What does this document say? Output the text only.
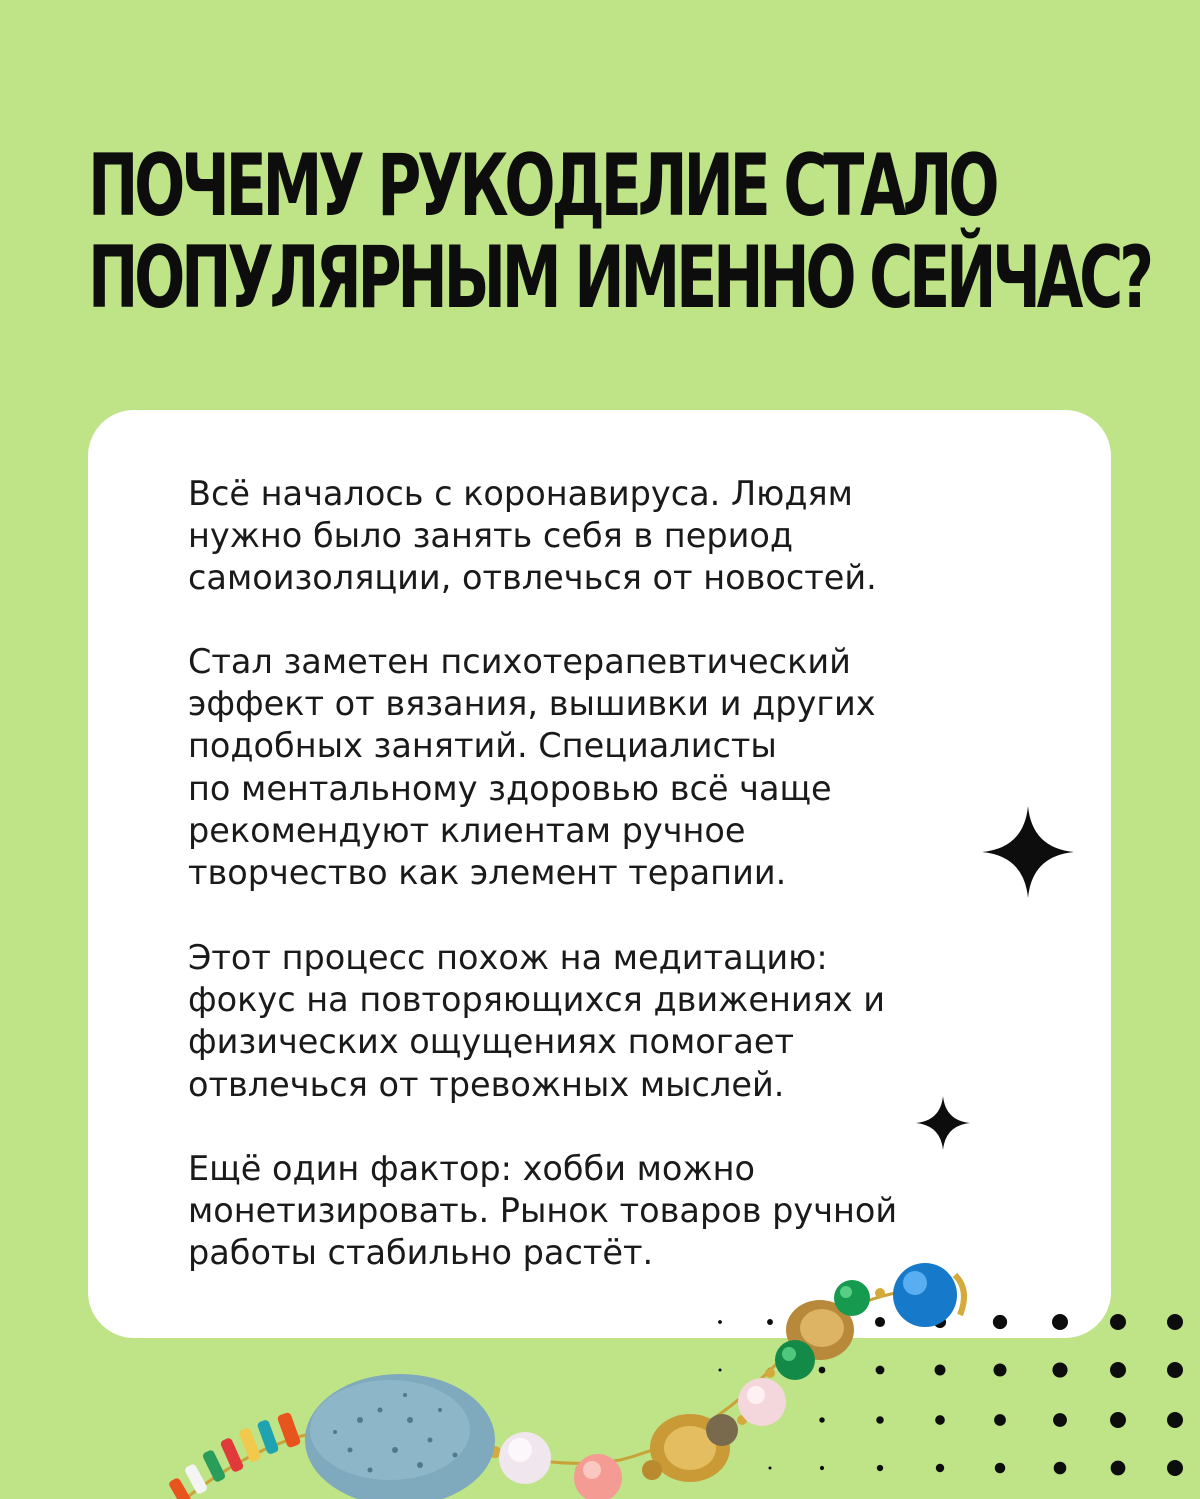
ПОЧЕМУ РУКОДЕЛИЕ СТАЛО
ПОПУЛЯРНЫМ ИМЕННО СЕЙЧАС?

Всё началось с коронавируса. Людям
нужно было занять себя в период
самоизоляции, отвлечься от новостей.

Стал заметен психотерапевтический
эффект от вязания, вышивки и других
подобных занятий. Специалисты
по ментальному здоровью всё чаще
рекомендуют клиентам ручное
творчество как элемент терапии.

Этот процесс похож на медитацию:
фокус на повторяющихся движениях и
физических ощущениях помогает
отвлечься от тревожных мыслей.

Ещё один фактор: хобби можно
монетизировать. Рынок товаров ручной
работы стабильно растёт.
